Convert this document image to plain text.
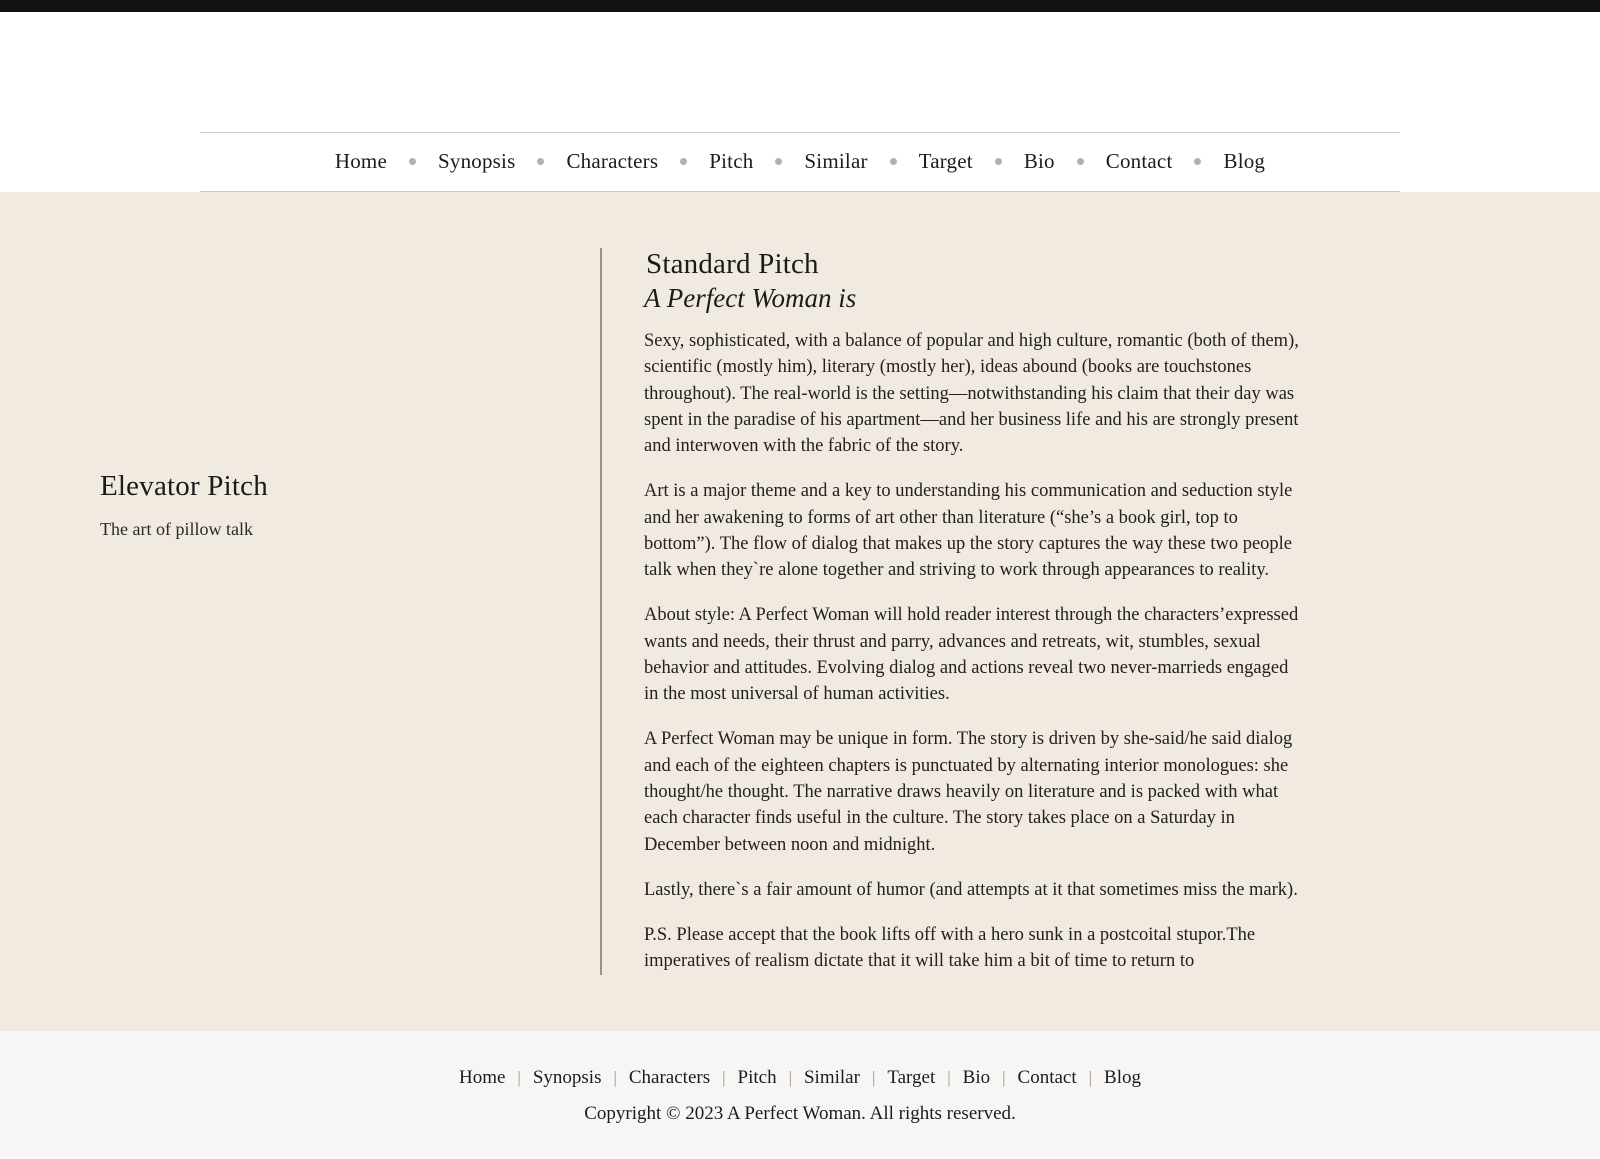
Home	Synopsis	Characters	Pitch	Similar	Target	Bio	Contact	Blog
Elevator Pitch

The art of pillow talk

Standard Pitch
A Perfect Woman is

Sexy, sophisticated, with a balance of popular and high culture, romantic (both of them), scientific (mostly him), literary (mostly her), ideas abound (books are touchstones throughout). The real-world is the setting—notwithstanding his claim that their day was spent in the paradise of his apartment—and her business life and his are strongly present and interwoven with the fabric of the story.

Art is a major theme and a key to understanding his communication and seduction style and her awakening to forms of art other than literature (“she’s a book girl, top to bottom”). The flow of dialog that makes up the story captures the way these two people talk when they`re alone together and striving to work through appearances to reality.

About style: A Perfect Woman will hold reader interest through the characters’expressed wants and needs, their thrust and parry, advances and retreats, wit, stumbles, sexual behavior and attitudes. Evolving dialog and actions reveal two never-marrieds engaged in the most universal of human activities.

A Perfect Woman may be unique in form. The story is driven by she-said/he said dialog and each of the eighteen chapters is punctuated by alternating interior monologues: she thought/he thought. The narrative draws heavily on literature and is packed with what each character finds useful in the culture. The story takes place on a Saturday in December between noon and midnight.

Lastly, there`s a fair amount of humor (and attempts at it that sometimes miss the mark).

P.S. Please accept that the book lifts off with a hero sunk in a postcoital stupor.The imperatives of realism dictate that it will take him a bit of time to return to

Home | Synopsis | Characters | Pitch | Similar | Target | Bio | Contact | Blog
Copyright © 2023 A Perfect Woman. All rights reserved.
